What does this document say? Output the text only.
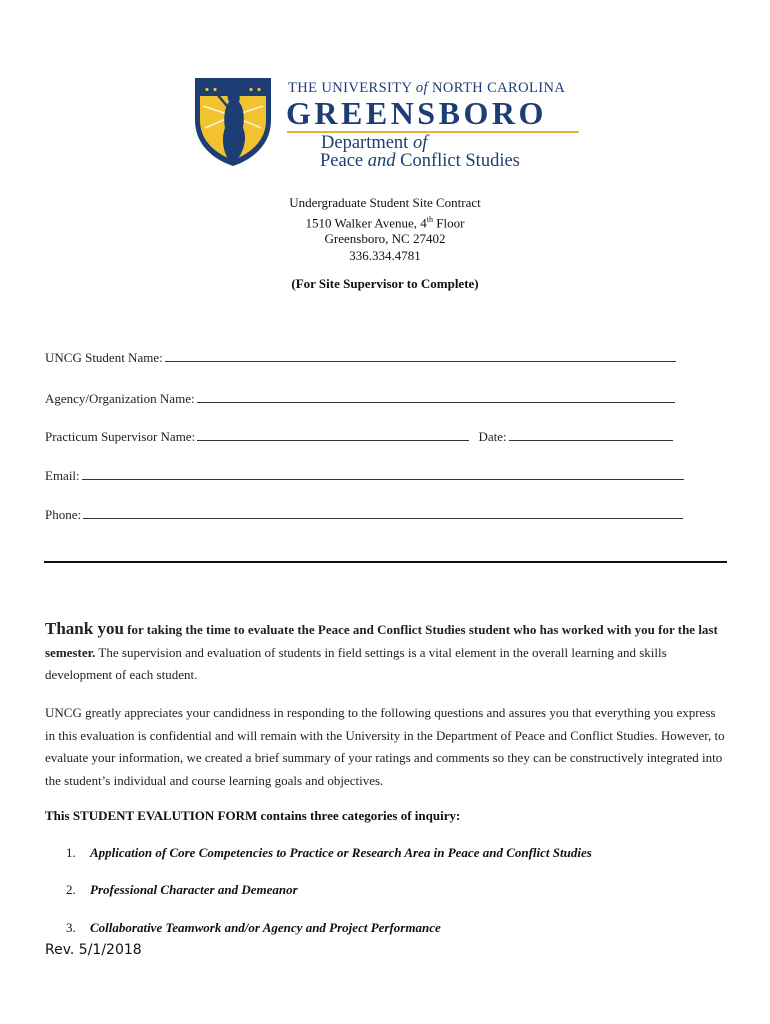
THE UNIVERSITY of NORTH CAROLINA
GREENSBORO
Department of
Peace and Conflict Studies
Undergraduate Student Site Contract
1510 Walker Avenue, 4th Floor
Greensboro, NC 27402
336.334.4781
(For Site Supervisor to Complete)
UNCG Student Name:
Agency/Organization Name:
Practicum Supervisor Name:	Date:
Email:
Phone:
Thank you for taking the time to evaluate the Peace and Conflict Studies student who has worked with you for the last semester. The supervision and evaluation of students in field settings is a vital element in the overall learning and skills development of each student.
UNCG greatly appreciates your candidness in responding to the following questions and assures you that everything you express in this evaluation is confidential and will remain with the University in the Department of Peace and Conflict Studies. However, to evaluate your information, we created a brief summary of your ratings and comments so they can be constructively integrated into the student’s individual and course learning goals and objectives.
This STUDENT EVALUTION FORM contains three categories of inquiry:
1. Application of Core Competencies to Practice or Research Area in Peace and Conflict Studies
2. Professional Character and Demeanor
3. Collaborative Teamwork and/or Agency and Project Performance
Rev. 5/1/2018
